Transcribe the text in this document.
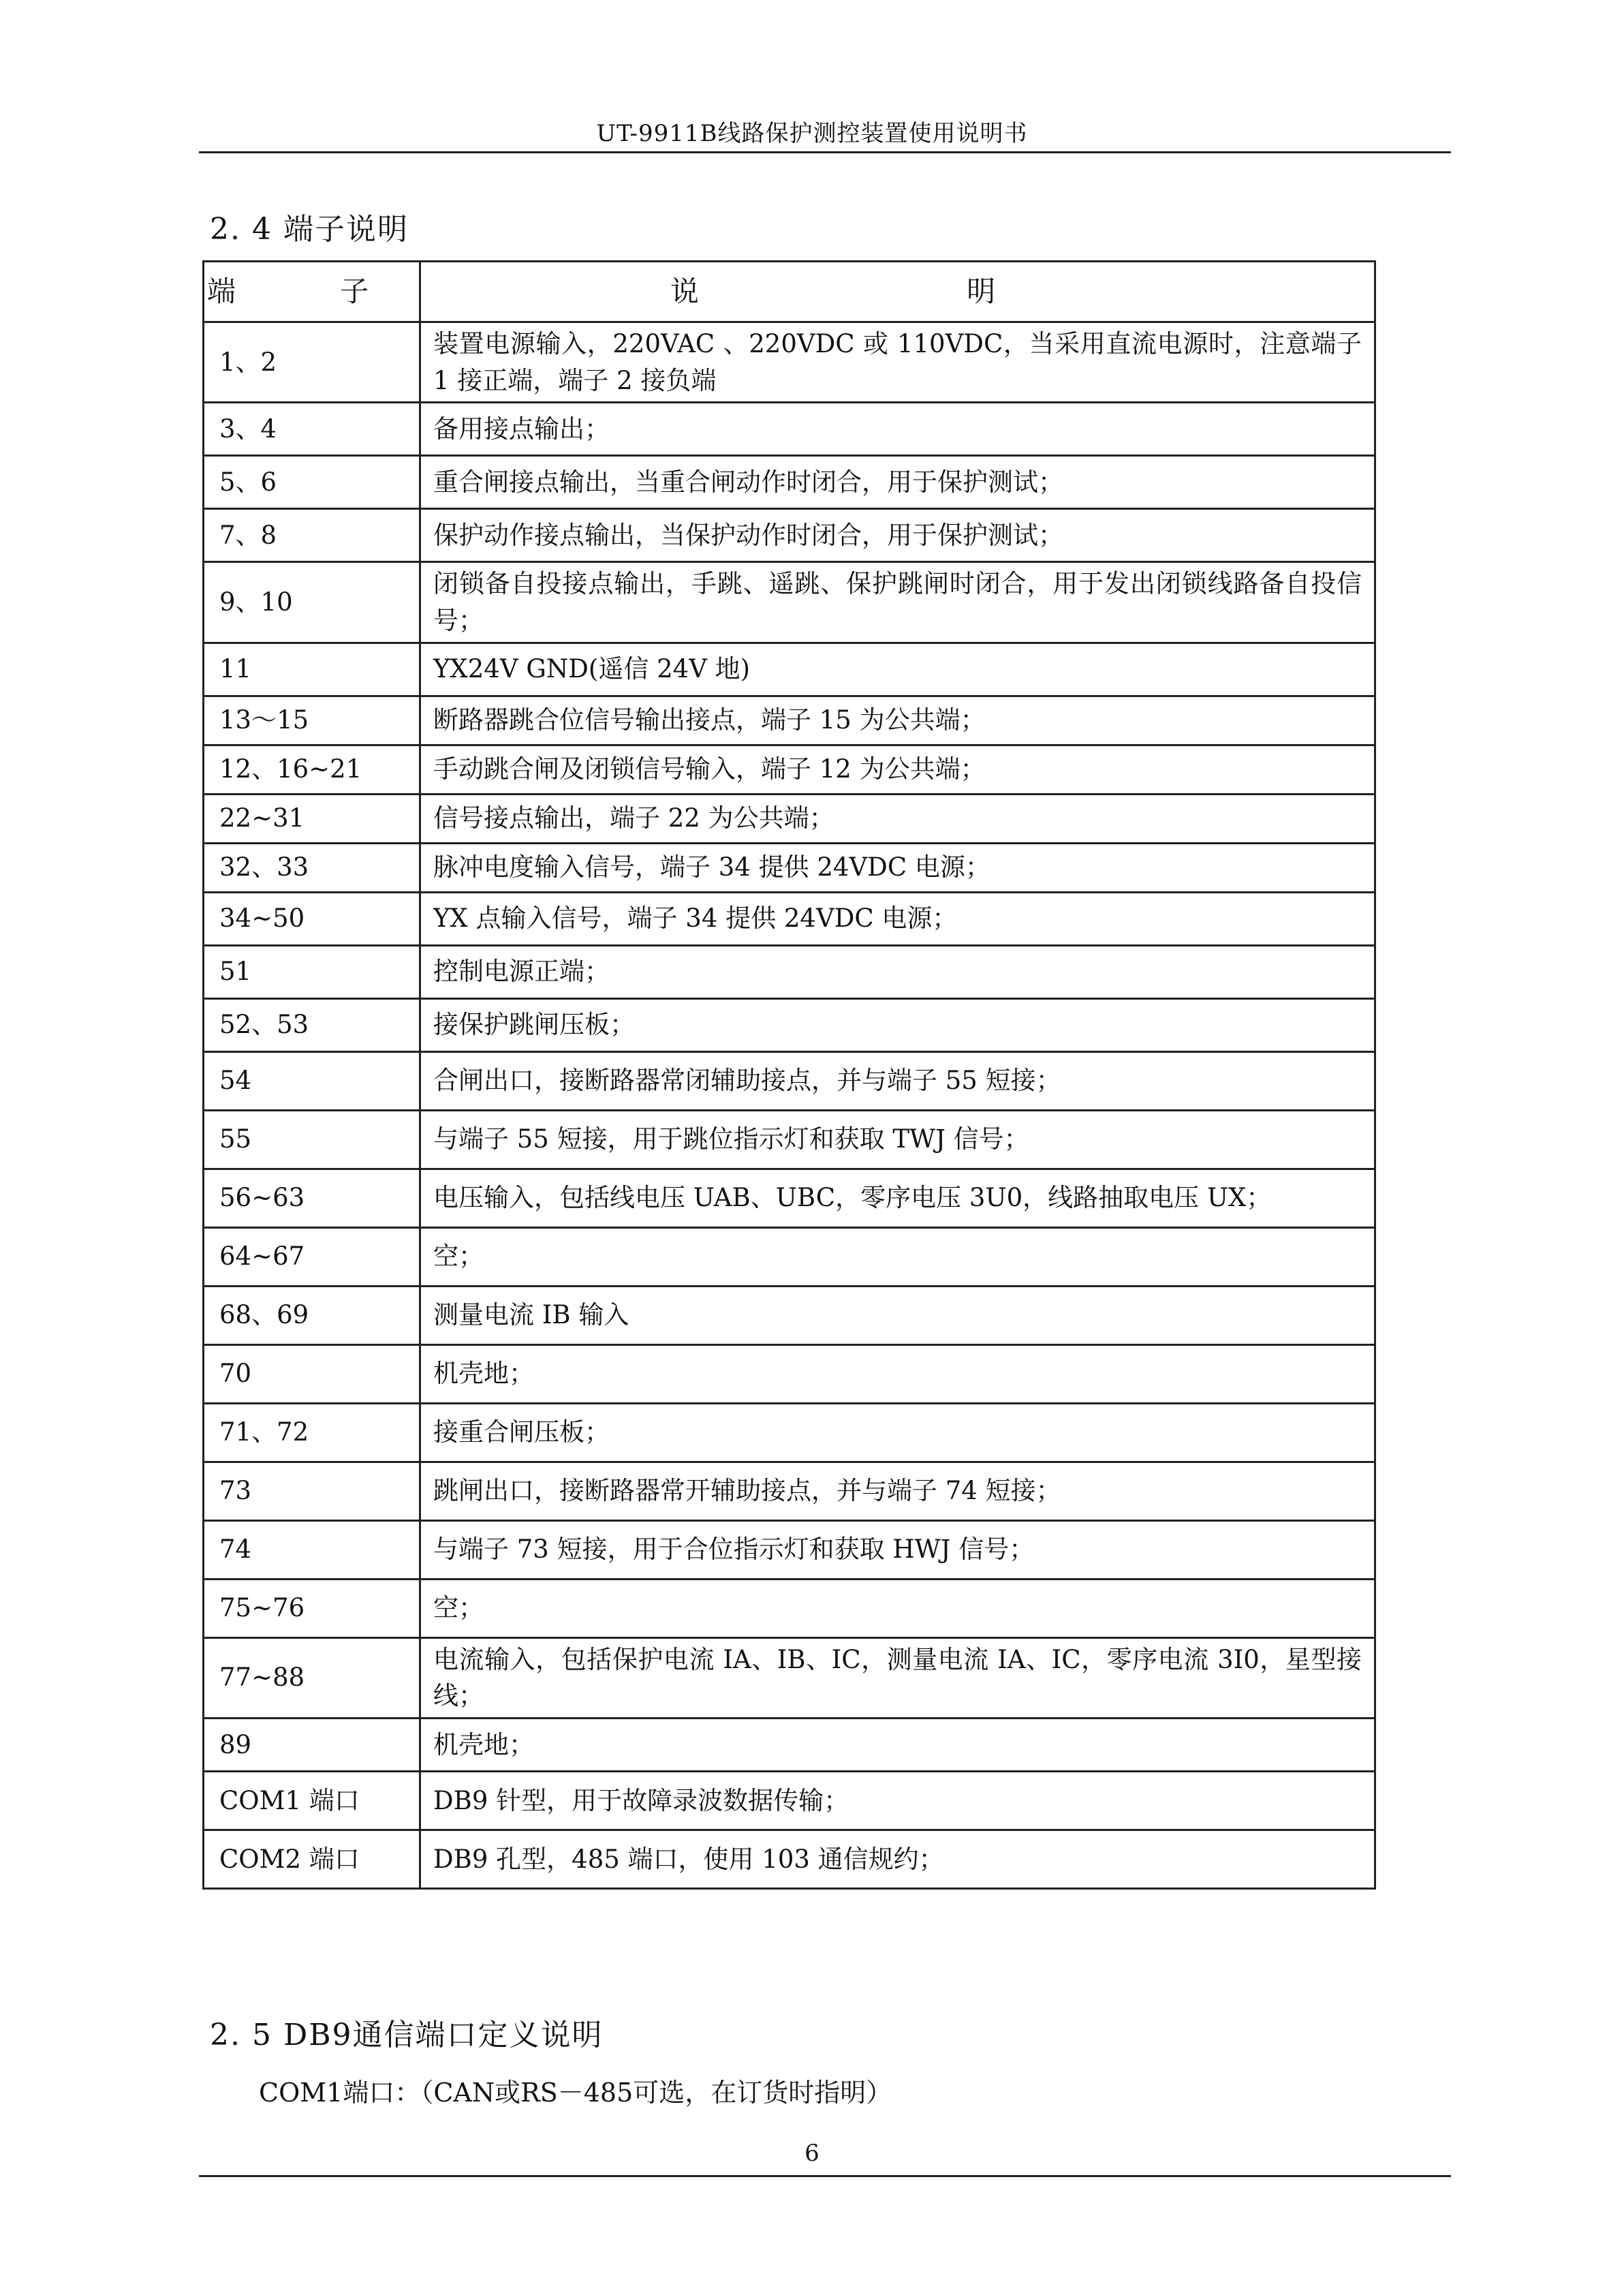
UT-9911B线路保护测控装置使用说明书
2. 4 端子说明
端 子	说 明
1、2	装置电源输入，220VAC 、220VDC 或 110VDC，当采用直流电源时，注意端子 1 接正端，端子 2 接负端
3、4	备用接点输出；
5、6	重合闸接点输出，当重合闸动作时闭合，用于保护测试；
7、8	保护动作接点输出，当保护动作时闭合，用于保护测试；
9、10	闭锁备自投接点输出，手跳、遥跳、保护跳闸时闭合，用于发出闭锁线路备自投信号；
11	YX24V GND(遥信 24V 地)
13～15	断路器跳合位信号输出接点，端子 15 为公共端；
12、16~21	手动跳合闸及闭锁信号输入，端子 12 为公共端；
22~31	信号接点输出，端子 22 为公共端；
32、33	脉冲电度输入信号，端子 34 提供 24VDC 电源；
34~50	YX 点输入信号，端子 34 提供 24VDC 电源；
51	控制电源正端；
52、53	接保护跳闸压板；
54	合闸出口，接断路器常闭辅助接点，并与端子 55 短接；
55	与端子 55 短接，用于跳位指示灯和获取 TWJ 信号；
56~63	电压输入，包括线电压 UAB、UBC，零序电压 3U0，线路抽取电压 UX；
64~67	空；
68、69	测量电流 IB 输入
70	机壳地；
71、72	接重合闸压板；
73	跳闸出口，接断路器常开辅助接点，并与端子 74 短接；
74	与端子 73 短接，用于合位指示灯和获取 HWJ 信号；
75~76	空；
77~88	电流输入，包括保护电流 IA、IB、IC，测量电流 IA、IC，零序电流 3I0，星型接线；
89	机壳地；
COM1 端口	DB9 针型，用于故障录波数据传输；
COM2 端口	DB9 孔型，485 端口，使用 103 通信规约；
2. 5 DB9通信端口定义说明
COM1端口：（CAN或RS－485可选，在订货时指明）
6
